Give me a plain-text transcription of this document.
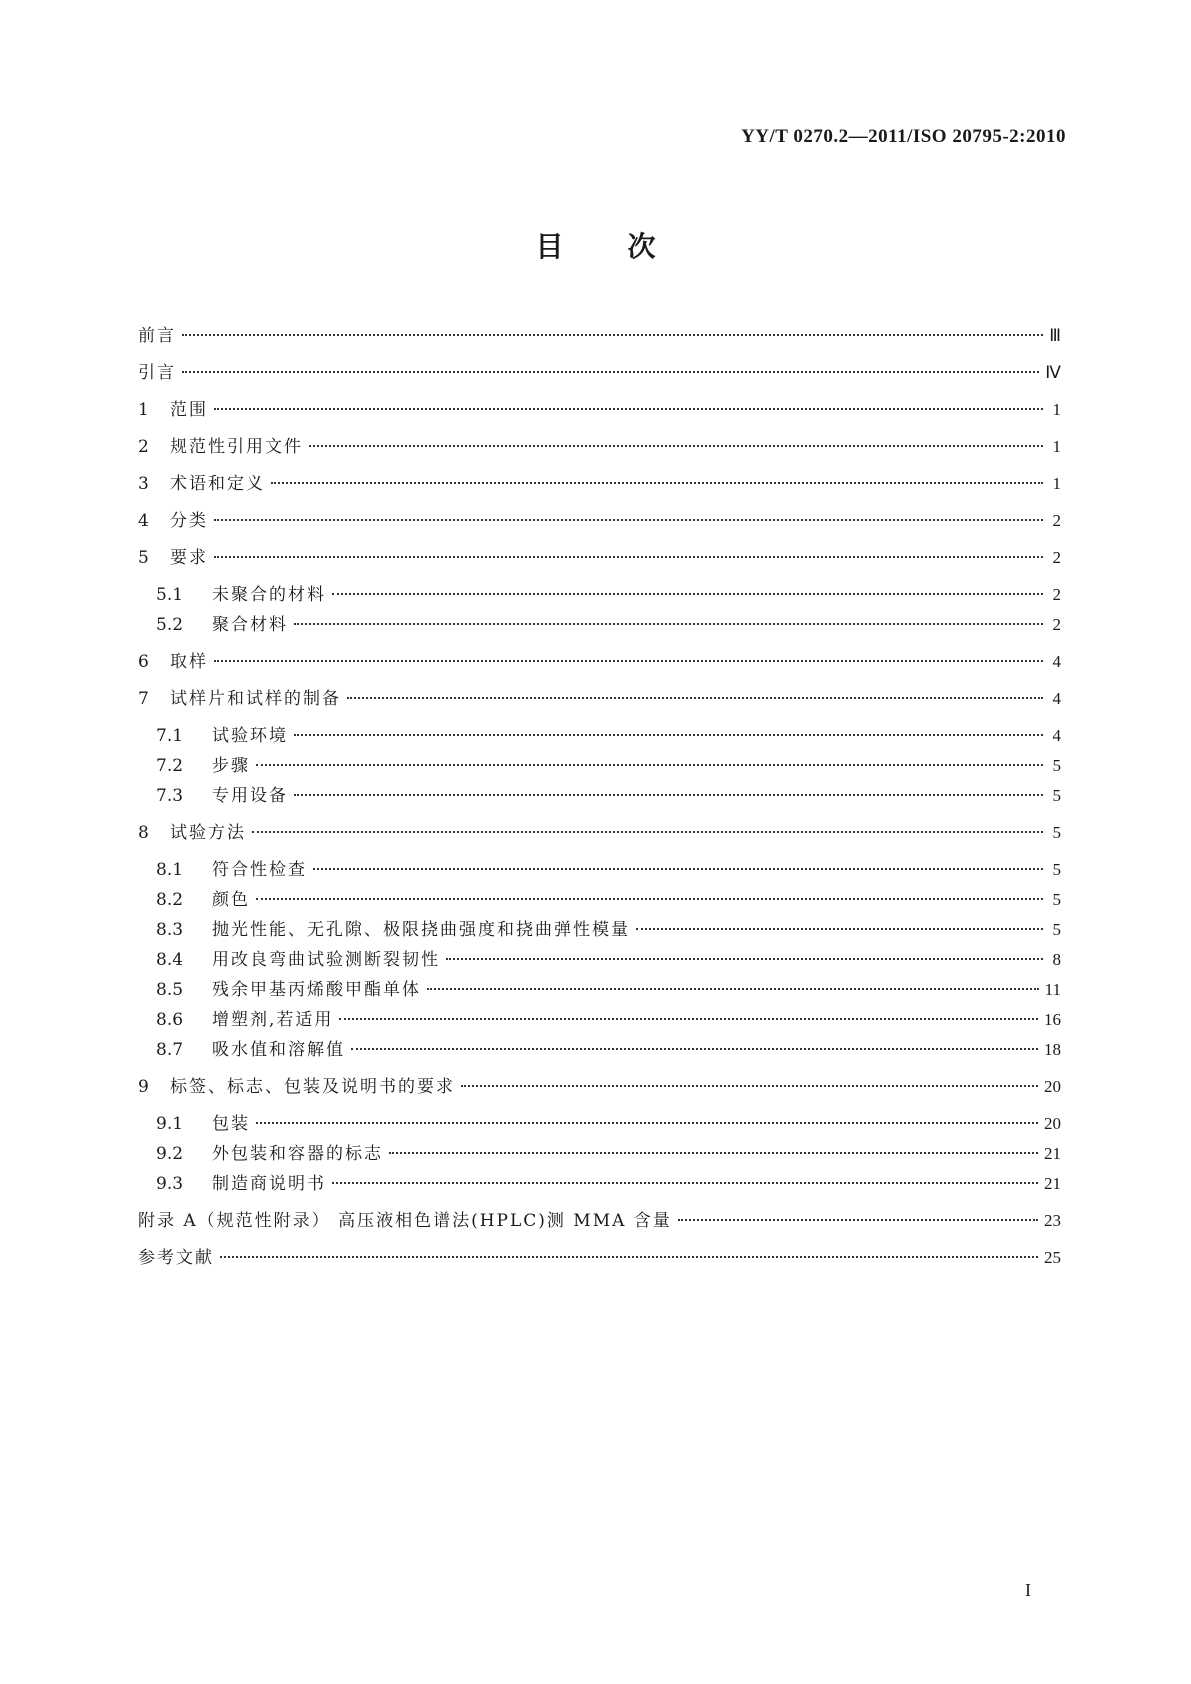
YY/T 0270.2—2011/ISO 20795-2:2010
目次
前言	Ⅲ
引言	Ⅳ
1	范围	1
2	规范性引用文件	1
3	术语和定义	1
4	分类	2
5	要求	2
5.1	未聚合的材料	2
5.2	聚合材料	2
6	取样	4
7	试样片和试样的制备	4
7.1	试验环境	4
7.2	步骤	5
7.3	专用设备	5
8	试验方法	5
8.1	符合性检查	5
8.2	颜色	5
8.3	抛光性能、无孔隙、极限挠曲强度和挠曲弹性模量	5
8.4	用改良弯曲试验测断裂韧性	8
8.5	残余甲基丙烯酸甲酯单体	11
8.6	增塑剂,若适用	16
8.7	吸水值和溶解值	18
9	标签、标志、包装及说明书的要求	20
9.1	包装	20
9.2	外包装和容器的标志	21
9.3	制造商说明书	21
附录 A（规范性附录） 高压液相色谱法(HPLC)测 MMA 含量	23
参考文献	25
I
